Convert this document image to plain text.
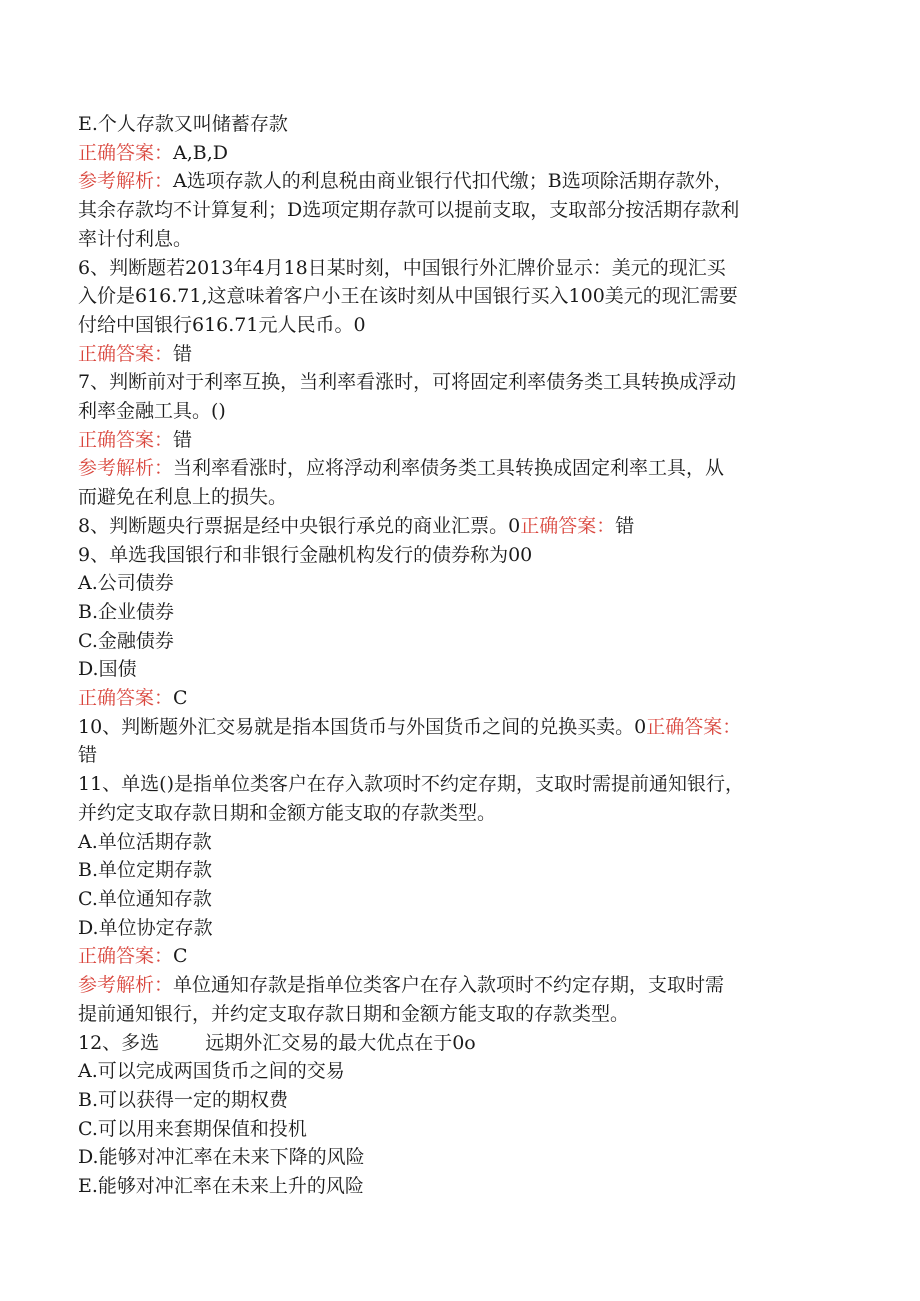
E.个人存款又叫储蓄存款
正确答案：A,B,D
参考解析：A选项存款人的利息税由商业银行代扣代缴；B选项除活期存款外，
其余存款均不计算复利；D选项定期存款可以提前支取，支取部分按活期存款利
率计付利息。
6、判断题若2013年4月18日某时刻，中国银行外汇牌价显示：美元的现汇买
入价是616.71,这意味着客户小王在该时刻从中国银行买入100美元的现汇需要
付给中国银行616.71元人民币。0
正确答案：错
7、判断前对于利率互换，当利率看涨时，可将固定利率债务类工具转换成浮动
利率金融工具。()
正确答案：错
参考解析：当利率看涨时，应将浮动利率债务类工具转换成固定利率工具，从
而避免在利息上的损失。
8、判断题央行票据是经中央银行承兑的商业汇票。0正确答案：错
9、单选我国银行和非银行金融机构发行的债券称为00
A.公司债券
B.企业债券
C.金融债券
D.国债
正确答案：C
10、判断题外汇交易就是指本国货币与外国货币之间的兑换买卖。0正确答案：
错
11、单选()是指单位类客户在存入款项时不约定存期，支取时需提前通知银行，
并约定支取存款日期和金额方能支取的存款类型。
A.单位活期存款
B.单位定期存款
C.单位通知存款
D.单位协定存款
正确答案：C
参考解析：单位通知存款是指单位类客户在存入款项时不约定存期，支取时需
提前通知银行，并约定支取存款日期和金额方能支取的存款类型。
12、多选 远期外汇交易的最大优点在于0o
A.可以完成两国货币之间的交易
B.可以获得一定的期权费
C.可以用来套期保值和投机
D.能够对冲汇率在未来下降的风险
E.能够对冲汇率在未来上升的风险
